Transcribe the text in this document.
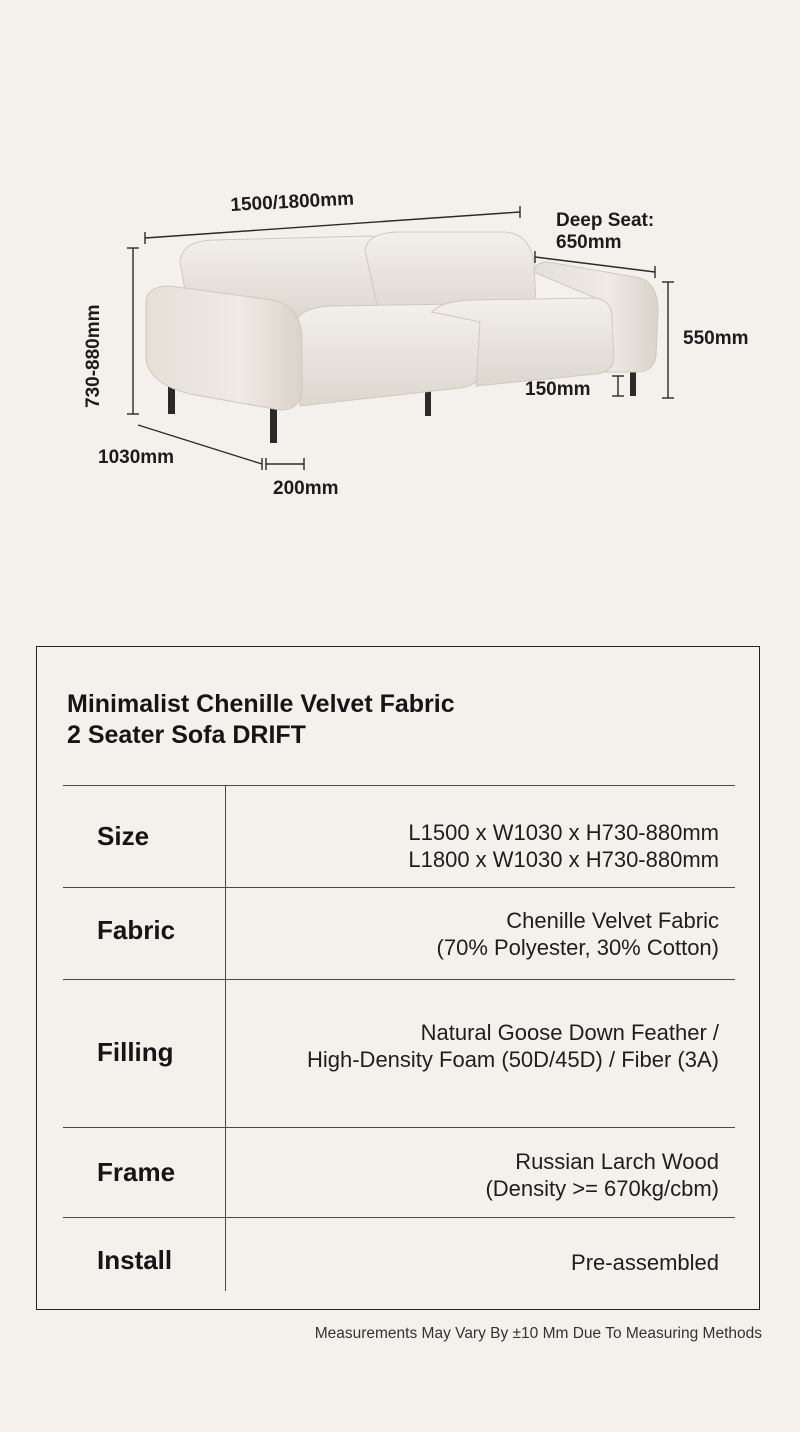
1500/1800mm
Deep Seat:
650mm
730-880mm	550mm
150mm
1030mm
200mm
Minimalist Chenille Velvet Fabric
2 Seater Sofa DRIFT
Size	L1500 x W1030 x H730-880mm
L1800 x W1030 x H730-880mm
Fabric	Chenille Velvet Fabric
(70% Polyester, 30% Cotton)
Filling
Natural Goose Down Feather /
High-Density Foam (50D/45D) / Fiber (3A)
Frame	Russian Larch Wood
(Density >= 670kg/cbm)
Install	Pre-assembled
Measurements May Vary By ±10 Mm Due To Measuring Methods
